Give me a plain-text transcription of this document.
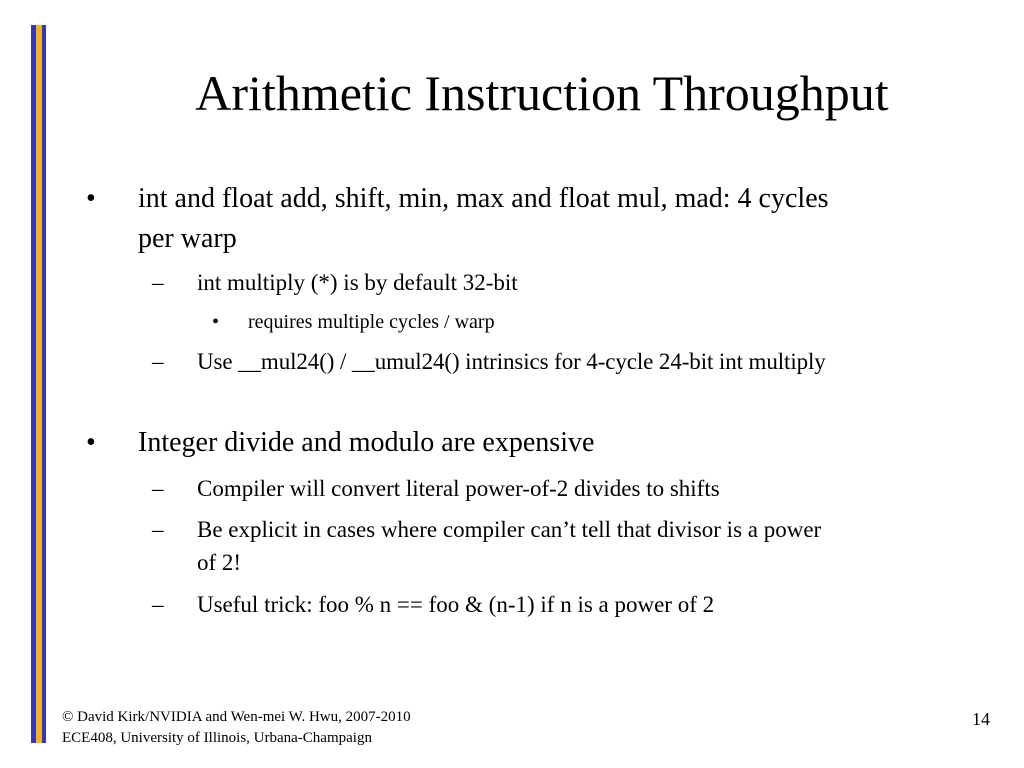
Arithmetic Instruction Throughput
• int and float add, shift, min, max and float mul, mad: 4 cycles
per warp
– int multiply (*) is by default 32-bit
• requires multiple cycles / warp
– Use __mul24() / __umul24() intrinsics for 4-cycle 24-bit int multiply
• Integer divide and modulo are expensive
– Compiler will convert literal power-of-2 divides to shifts
– Be explicit in cases where compiler can’t tell that divisor is a power
of 2!
– Useful trick: foo % n == foo & (n-1) if n is a power of 2
© David Kirk/NVIDIA and Wen-mei W. Hwu, 2007-2010
ECE408, University of Illinois, Urbana-Champaign
14
